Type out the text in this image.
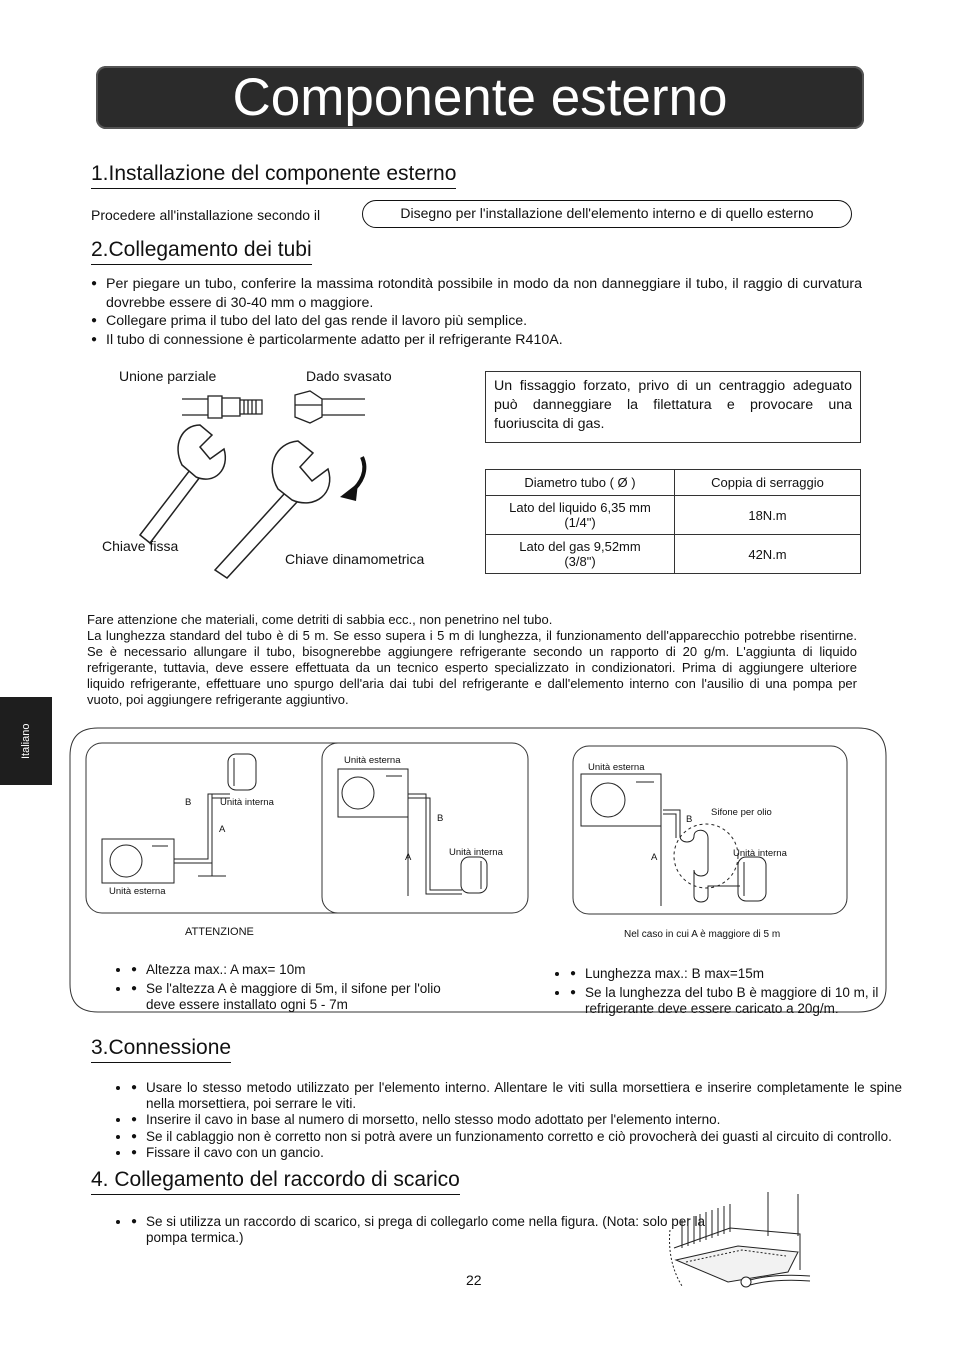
Componente esterno
1.Installazione del componente esterno
Procedere all'installazione secondo il	Disegno per l'installazione dell'elemento interno e di quello esterno
2.Collegamento dei tubi
● Per piegare un tubo, conferire la massima rotondità possibile in modo da non danneggiare il tubo, il raggio di curvatura dovrebbe essere di 30-40 mm o maggiore.
● Collegare prima il tubo del lato del gas rende il lavoro più semplice.
● Il tubo di connessione è particolarmente adatto per il refrigerante R410A.
Unione parziale	Dado svasato
Chiave fissa
Chiave dinamometrica
Un fissaggio forzato, privo di un centraggio adeguato può danneggiare la filettatura e provocare una fuoriuscita di gas.
Diametro tubo ( Ø )	Coppia di serraggio

Lato del liquido 6,35 mm
(1/4")	18N.m

Lato del gas 9,52mm
(3/8")	42N.m
Fare attenzione che materiali, come detriti di sabbia ecc., non penetrino nel tubo.
La lunghezza standard del tubo è di 5 m. Se esso supera i 5 m di lunghezza, il funzionamento dell'apparecchio potrebbe risentirne. Se è necessario allungare il tubo, bisognerebbe aggiungere refrigerante secondo un rapporto di 20 g/m. L'aggiunta di liquido refrigerante, tuttavia, deve essere effettuata da un tecnico esperto specializzato in condizionatori. Prima di aggiungere ulteriore liquido refrigerante, effettuare uno spurgo dell'aria dai tubi del refrigerante e dall'elemento interno con l'ausilio di una pompa per vuoto, poi aggiungere refrigerante aggiuntivo.
Italiano
Unità esterna
Unità interna
B
A
Unità esterna
Unità interna
B
A
Unità esterna
Sifone per olio
Unità interna
B
A
ATTENZIONE	Nel caso in cui A è maggiore di 5 m
● • Altezza max.: A max= 10m
● • Se l'altezza A è maggiore di 5m, il sifone per l'olio deve essere installato ogni 5 - 7m
● • Lunghezza max.: B max=15m
● • Se la lunghezza del tubo B è maggiore di 10 m, il refrigerante deve essere caricato a 20g/m.
3.Connessione
● • Usare lo stesso metodo utilizzato per l'elemento interno. Allentare le viti sulla morsettiera e inserire completamente le spine nella morsettiera, poi serrare le viti.
● • Inserire il cavo in base al numero di morsetto, nello stesso modo adottato per l'elemento interno.
● • Se il cablaggio non è corretto non si potrà avere un funzionamento corretto e ciò provocherà dei guasti al circuito di controllo.
● • Fissare il cavo con un gancio.
4. Collegamento del raccordo di scarico
● • Se si utilizza un raccordo di scarico, si prega di collegarlo come nella figura. (Nota: solo per la pompa termica.)
22
